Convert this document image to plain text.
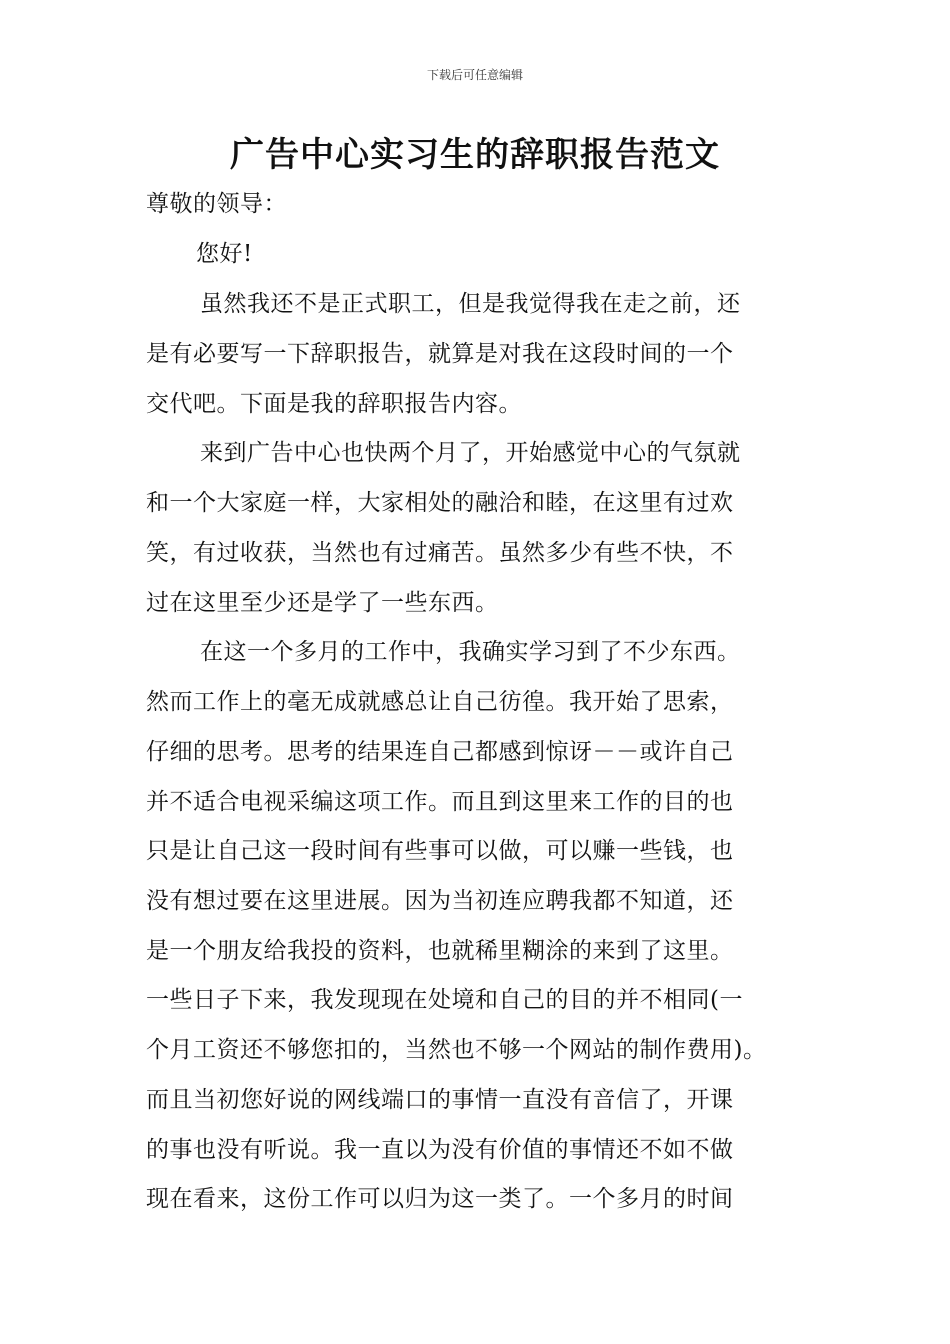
下载后可任意编辑
广告中心实习生的辞职报告范文

尊敬的领导：

您好!

虽然我还不是正式职工，但是我觉得我在走之前，还

是有必要写一下辞职报告，就算是对我在这段时间的一个

交代吧。下面是我的辞职报告内容。

来到广告中心也快两个月了，开始感觉中心的气氛就

和一个大家庭一样，大家相处的融洽和睦，在这里有过欢

笑，有过收获，当然也有过痛苦。虽然多少有些不快，不

过在这里至少还是学了一些东西。

在这一个多月的工作中，我确实学习到了不少东西。

然而工作上的毫无成就感总让自己彷徨。我开始了思索，

仔细的思考。思考的结果连自己都感到惊讶－－或许自己

并不适合电视采编这项工作。而且到这里来工作的目的也

只是让自己这一段时间有些事可以做，可以赚一些钱，也

没有想过要在这里进展。因为当初连应聘我都不知道，还

是一个朋友给我投的资料，也就稀里糊涂的来到了这里。

一些日子下来，我发现现在处境和自己的目的并不相同(一

个月工资还不够您扣的，当然也不够一个网站的制作费用)。

而且当初您好说的网线端口的事情一直没有音信了，开课

的事也没有听说。我一直以为没有价值的事情还不如不做

现在看来，这份工作可以归为这一类了。一个多月的时间
